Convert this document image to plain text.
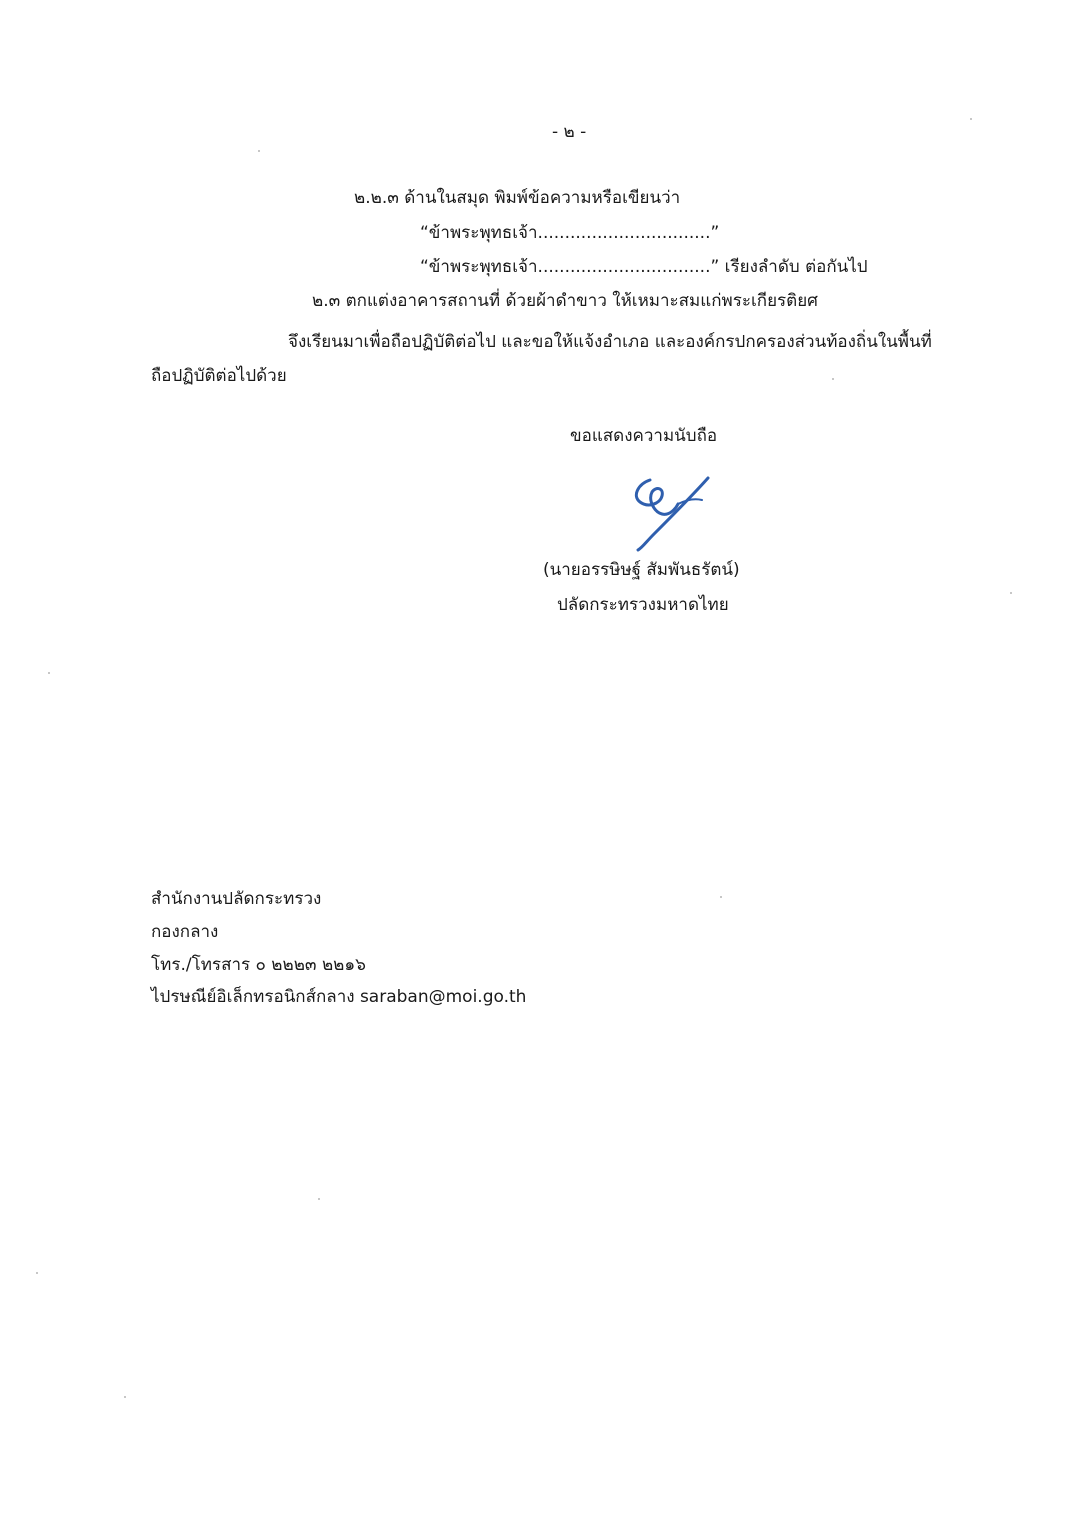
- ๒ -
๒.๒.๓ ด้านในสมุด พิมพ์ข้อความหรือเขียนว่า
“ข้าพระพุทธเจ้า................................”
“ข้าพระพุทธเจ้า................................” เรียงลำดับ ต่อกันไป
๒.๓ ตกแต่งอาคารสถานที่ ด้วยผ้าดำขาว ให้เหมาะสมแก่พระเกียรติยศ
จึงเรียนมาเพื่อถือปฏิบัติต่อไป และขอให้แจ้งอำเภอ และองค์กรปกครองส่วนท้องถิ่นในพื้นที่
ถือปฏิบัติต่อไปด้วย
ขอแสดงความนับถือ
(นายอรรษิษฐ์ สัมพันธรัตน์)
ปลัดกระทรวงมหาดไทย
สำนักงานปลัดกระทรวง
กองกลาง
โทร./โทรสาร ๐ ๒๒๒๓ ๒๒๑๖
ไปรษณีย์อิเล็กทรอนิกส์กลาง saraban@moi.go.th
